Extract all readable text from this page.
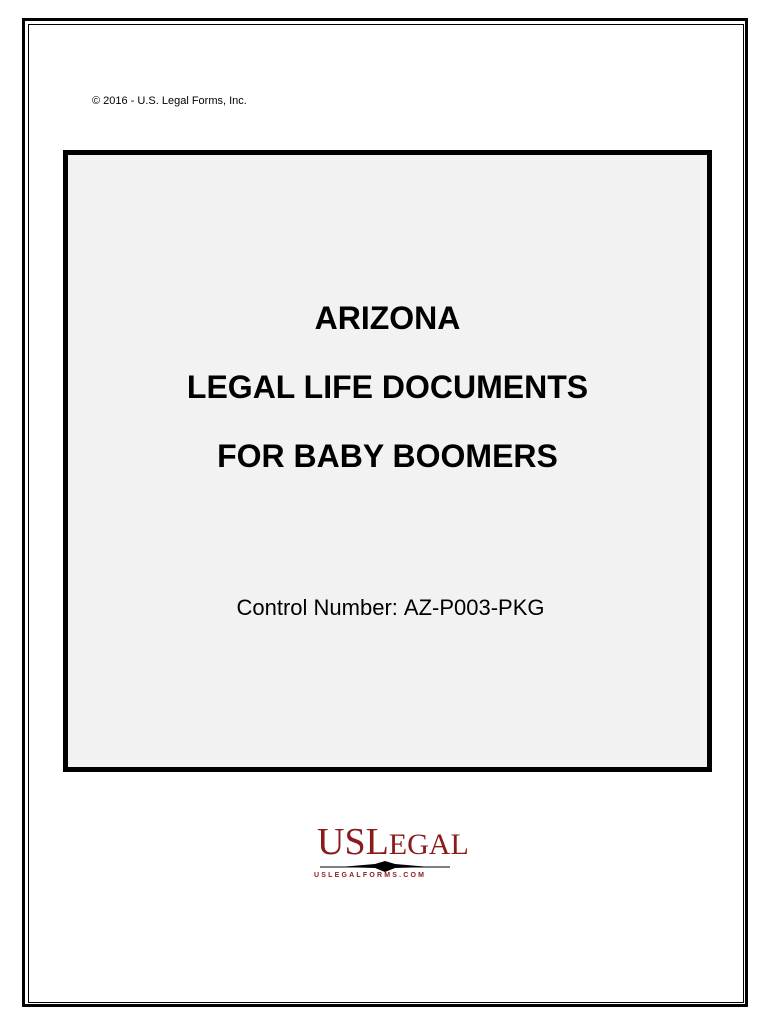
© 2016 - U.S. Legal Forms, Inc.
ARIZONA
LEGAL LIFE DOCUMENTS
FOR BABY BOOMERS
Control Number: AZ-P003-PKG
USLEGAL
USLEGALFORMS.COM
